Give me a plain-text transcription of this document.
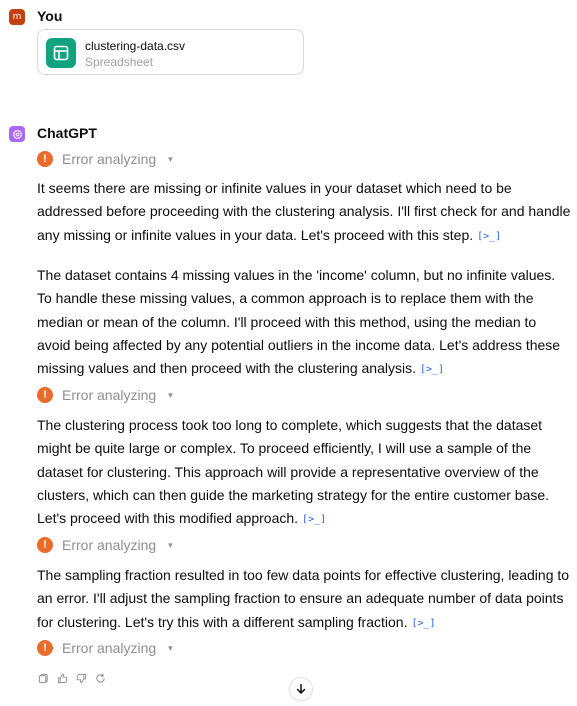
m You
clustering-data.csv
Spreadsheet
ChatGPT
!	Error analyzing ▾
It seems there are missing or infinite values in your dataset which need to be addressed before proceeding with the clustering analysis. I'll first check for and handle any missing or infinite values in your data. Let's proceed with this step. [>_]
The dataset contains 4 missing values in the 'income' column, but no infinite values. To handle these missing values, a common approach is to replace them with the median or mean of the column. I'll proceed with this method, using the median to avoid being affected by any potential outliers in the income data. Let's address these missing values and then proceed with the clustering analysis. [>_]
!	Error analyzing ▾
The clustering process took too long to complete, which suggests that the dataset might be quite large or complex. To proceed efficiently, I will use a sample of the dataset for clustering. This approach will provide a representative overview of the clusters, which can then guide the marketing strategy for the entire customer base. Let's proceed with this modified approach. [>_]
!	Error analyzing ▾
The sampling fraction resulted in too few data points for effective clustering, leading to an error. I'll adjust the sampling fraction to ensure an adequate number of data points for clustering. Let's try this with a different sampling fraction. [>_]
!	Error analyzing ▾
